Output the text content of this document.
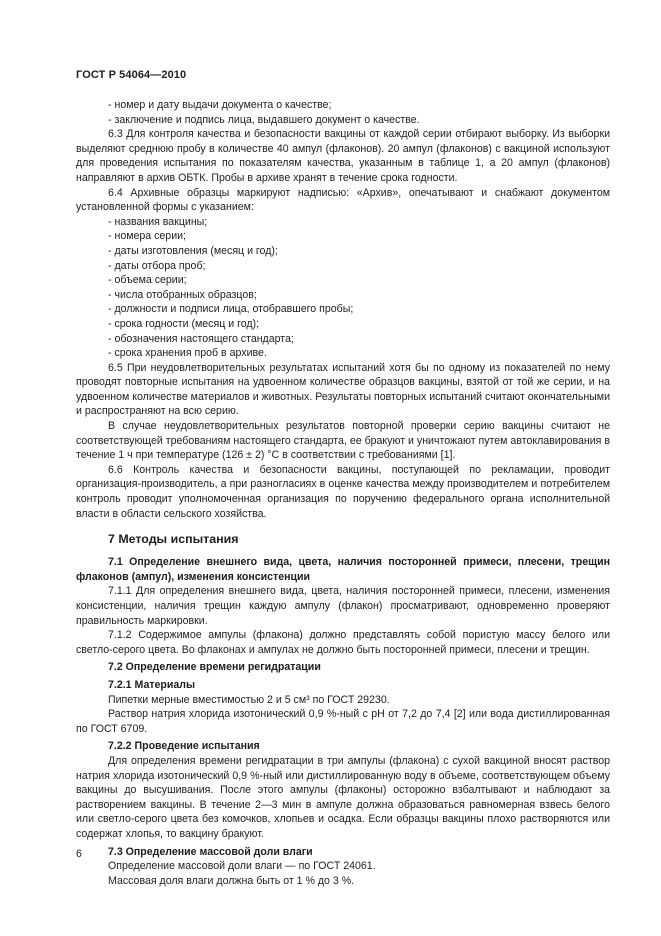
ГОСТ Р 54064—2010

- номер и дату выдачи документа о качестве;

- заключение и подпись лица, выдавшего документ о качестве.

6.3 Для контроля качества и безопасности вакцины от каждой серии отбирают выборку. Из выборки выделяют среднюю пробу в количестве 40 ампул (флаконов). 20 ампул (флаконов) с вакциной используют для проведения испытания по показателям качества, указанным в таблице 1, а 20 ампул (флаконов) направляют в архив ОБТК. Пробы в архиве хранят в течение срока годности.

6.4 Архивные образцы маркируют надписью: «Архив», опечатывают и снабжают документом установленной формы с указанием:

- названия вакцины;

- номера серии;

- даты изготовления (месяц и год);

- даты отбора проб;

- объема серии;

- числа отобранных образцов;

- должности и подписи лица, отобравшего пробы;

- срока годности (месяц и год);

- обозначения настоящего стандарта;

- срока хранения проб в архиве.

6.5 При неудовлетворительных результатах испытаний хотя бы по одному из показателей по нему проводят повторные испытания на удвоенном количестве образцов вакцины, взятой от той же серии, и на удвоенном количестве материалов и животных. Результаты повторных испытаний считают окончательными и распространяют на всю серию.

В случае неудовлетворительных результатов повторной проверки серию вакцины считают не соответствующей требованиям настоящего стандарта, ее бракуют и уничтожают путем автоклавирования в течение 1 ч при температуре (126 ± 2) °С в соответствии с требованиями [1].

6.6 Контроль качества и безопасности вакцины, поступающей по рекламации, проводит организация-производитель, а при разногласиях в оценке качества между производителем и потребителем контроль проводит уполномоченная организация по поручению федерального органа исполнительной власти в области сельского хозяйства.

7 Методы испытания

7.1 Определение внешнего вида, цвета, наличия посторонней примеси, плесени, трещин флаконов (ампул), изменения консистенции

7.1.1 Для определения внешнего вида, цвета, наличия посторонней примеси, плесени, изменения консистенции, наличия трещин каждую ампулу (флакон) просматривают, одновременно проверяют правильность маркировки.

7.1.2 Содержимое ампулы (флакона) должно представлять собой пористую массу белого или светло-серого цвета. Во флаконах и ампулах не должно быть посторонней примеси, плесени и трещин.

7.2 Определение времени регидратации

7.2.1 Материалы

Пипетки мерные вместимостью 2 и 5 см³ по ГОСТ 29230.

Раствор натрия хлорида изотонический 0,9 %-ный с рН от 7,2 до 7,4 [2] или вода дистиллированная по ГОСТ 6709.

7.2.2 Проведение испытания

Для определения времени регидратации в три ампулы (флакона) с сухой вакциной вносят раствор натрия хлорида изотонический 0,9 %-ный или дистиллированную воду в объеме, соответствующем объему вакцины до высушивания. После этого ампулы (флаконы) осторожно взбалтывают и наблюдают за растворением вакцины. В течение 2—3 мин в ампуле должна образоваться равномерная взвесь белого или светло-серого цвета без комочков, хлопьев и осадка. Если образцы вакцины плохо растворяются или содержат хлопья, то вакцину бракуют.

7.3 Определение массовой доли влаги

Определение массовой доли влаги — по ГОСТ 24061.

Массовая доля влаги должна быть от 1 % до 3 %.

6
